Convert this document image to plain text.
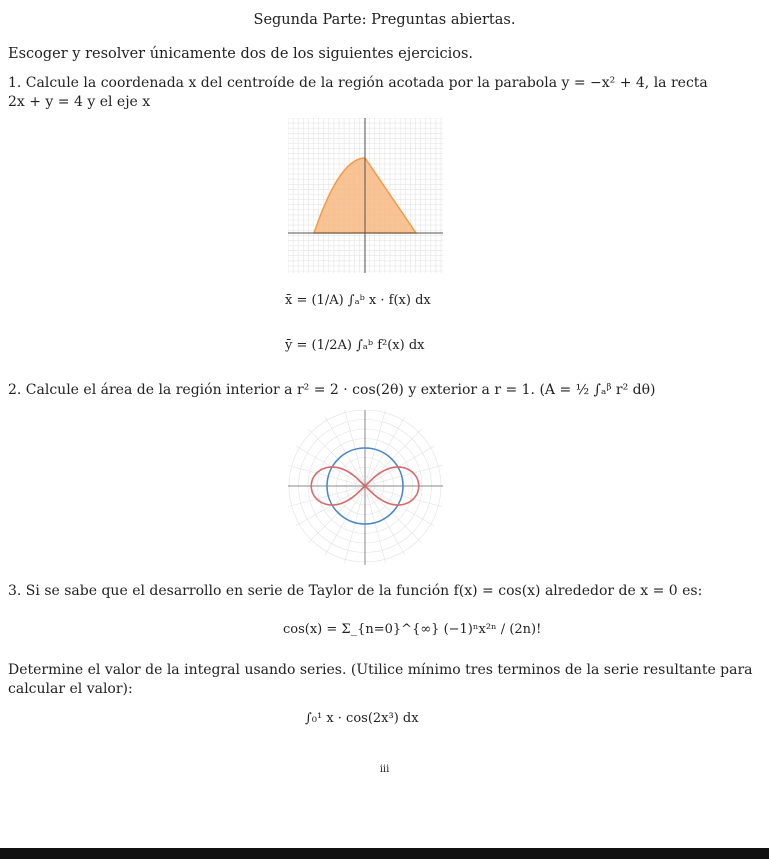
Segunda Parte: Preguntas abiertas.
Escoger y resolver únicamente dos de los siguientes ejercicios.
1. Calcule la coordenada x del centroíde de la región acotada por la parabola y = −x² + 4, la recta
2x + y = 4 y el eje x
x̄ = (1/A) ∫ₐᵇ x · f(x) dx
ȳ = (1/2A) ∫ₐᵇ f²(x) dx
2. Calcule el área de la región interior a r² = 2 · cos(2θ) y exterior a r = 1. (A = ½ ∫ₐᵝ r² dθ)
3. Si se sabe que el desarrollo en serie de Taylor de la función f(x) = cos(x) alrededor de x = 0 es:
cos(x) = Σ_{n=0}^{∞} (−1)ⁿx²ⁿ / (2n)!
Determine el valor de la integral usando series. (Utilice mínimo tres terminos de la serie resultante para
calcular el valor):
∫₀¹ x · cos(2x³) dx
iii
